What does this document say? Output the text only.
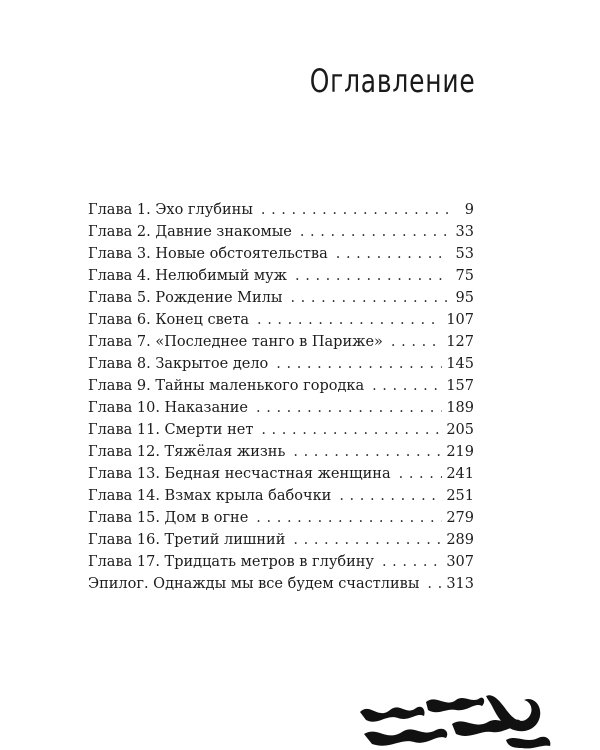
Оглавление
Глава 1. Эхо глубины . . .	9
Глава 2. Давние знакомые . . .	33
Глава 3. Новые обстоятельства . . .	53
Глава 4. Нелюбимый муж . . .	75
Глава 5. Рождение Милы . . .	95
Глава 6. Конец света . . .	107
Глава 7. «Последнее танго в Париже» . . .	127
Глава 8. Закрытое дело . . .	145
Глава 9. Тайны маленького городка . . .	157
Глава 10. Наказание . . .	189
Глава 11. Смерти нет . . .	205
Глава 12. Тяжёлая жизнь . . .	219
Глава 13. Бедная несчастная женщина . . .	241
Глава 14. Взмах крыла бабочки . . .	251
Глава 15. Дом в огне . . .	279
Глава 16. Третий лишний . . .	289
Глава 17. Тридцать метров в глубину . . .	307
Эпилог. Однажды мы все будем счастливы . . . 313
